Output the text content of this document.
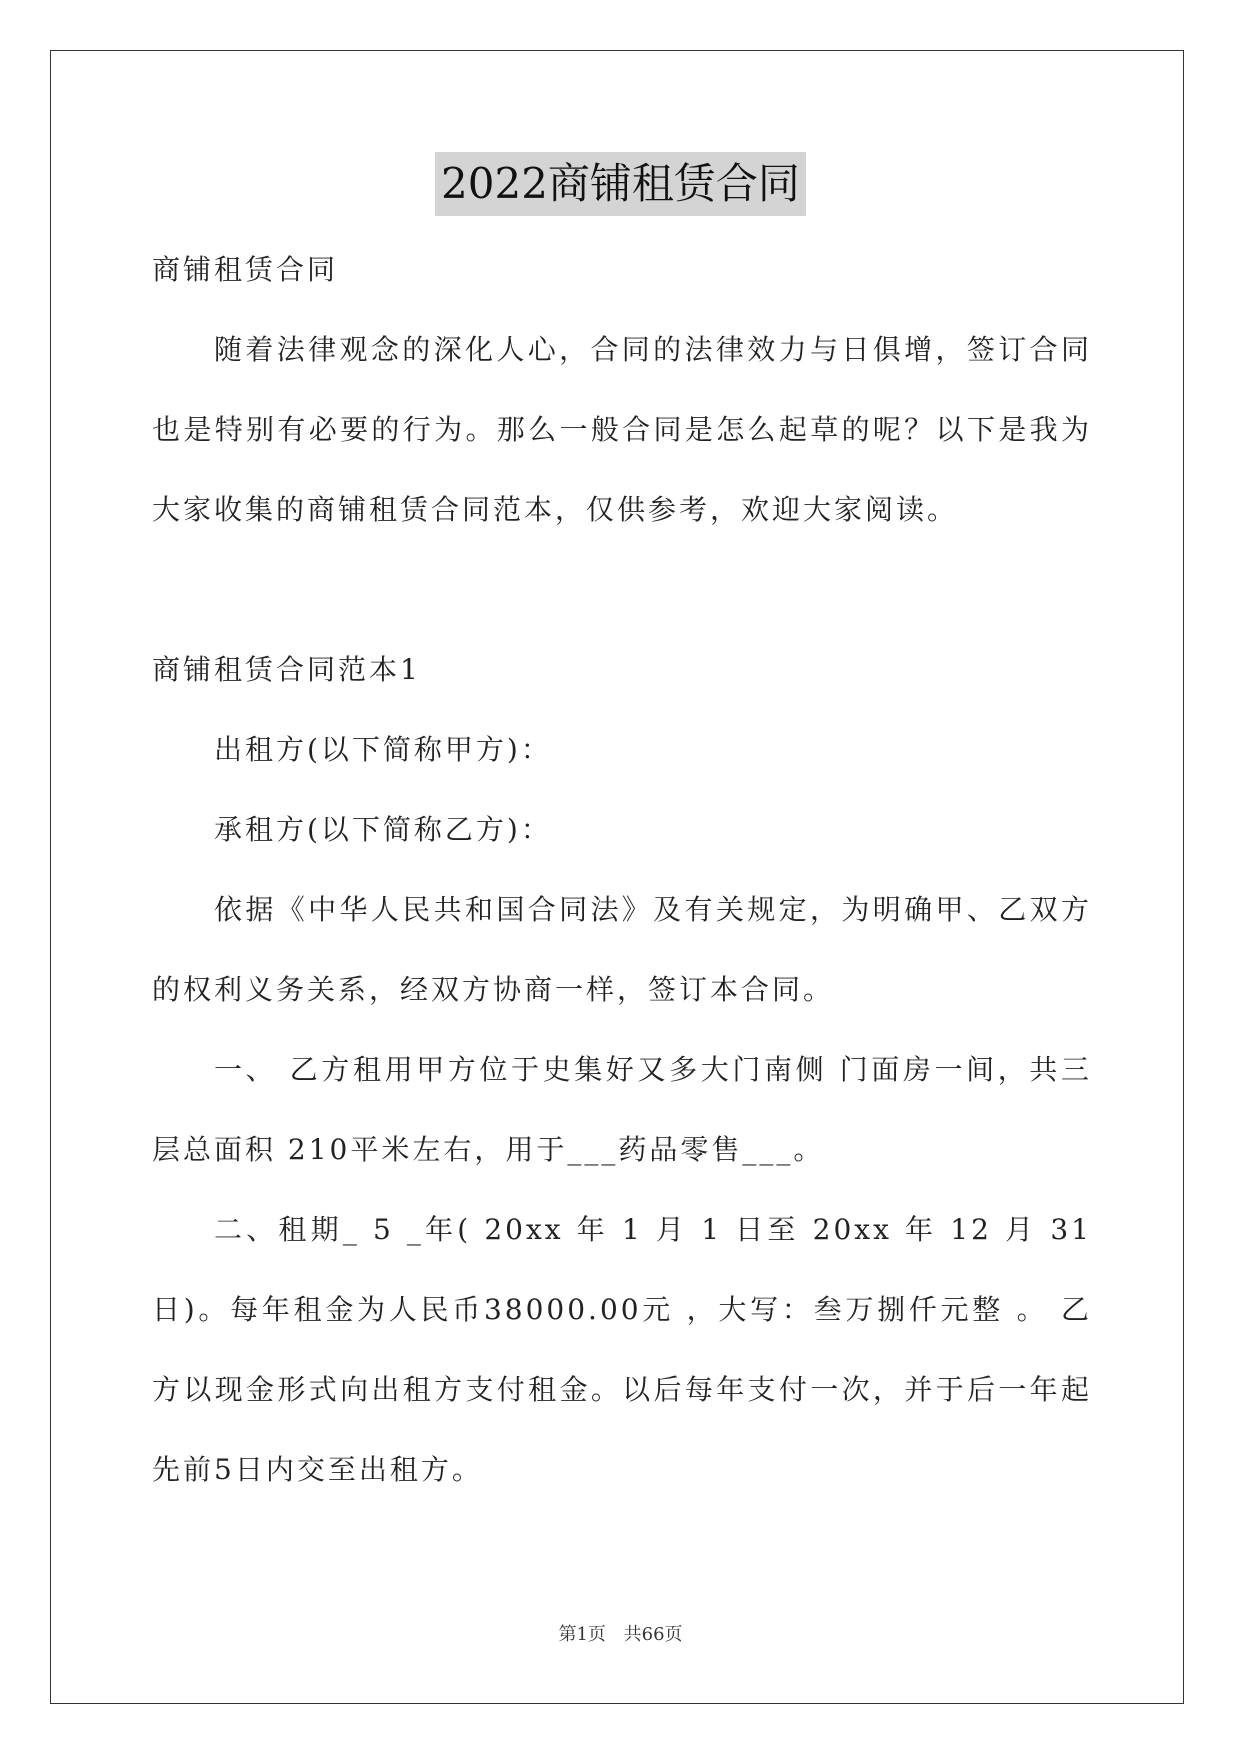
2022商铺租赁合同

商铺租赁合同

随着法律观念的深化人心，合同的法律效力与日俱增，签订合同也是特别有必要的行为。那么一般合同是怎么起草的呢？以下是我为大家收集的商铺租赁合同范本，仅供参考，欢迎大家阅读。

商铺租赁合同范本1

出租方(以下简称甲方)：

承租方(以下简称乙方)：

依据《中华人民共和国合同法》及有关规定，为明确甲、乙双方的权利义务关系，经双方协商一样，签订本合同。

一、 乙方租用甲方位于史集好又多大门南侧 门面房一间，共三层总面积 210平米左右，用于___药品零售___。

二、租期_ 5 _年( 20xx 年 1 月 1 日至 20xx 年 12 月 31 日)。每年租金为人民币38000.00元 ，大写：叁万捌仟元整 。 乙方以现金形式向出租方支付租金。以后每年支付一次，并于后一年起先前5日内交至出租方。

第1页 共66页
